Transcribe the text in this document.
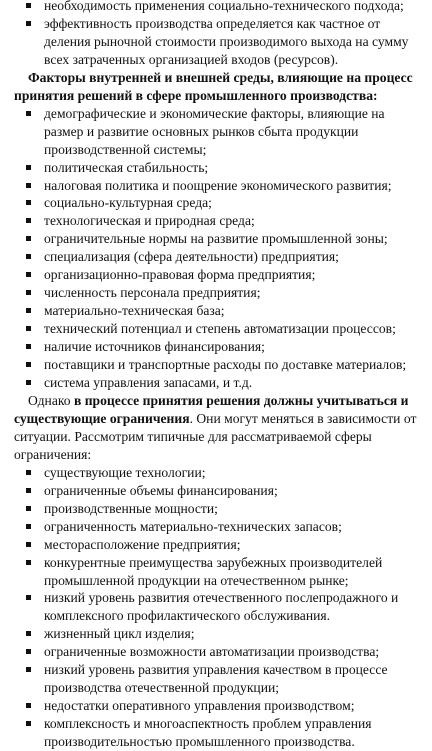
необходимость применения социально-технического подхода;
эффективность производства определяется как частное от деления рыночной стоимости производимого выхода на сумму всех затраченных организацией входов (ресурсов).

Факторы внутренней и внешней среды, влияющие на процесс принятия решений в сфере промышленного производства:

демографические и экономические факторы, влияющие на размер и развитие основных рынков сбыта продукции производственной системы;
политическая стабильность;
налоговая политика и поощрение экономического развития;
социально-культурная среда;
технологическая и природная среда;
ограничительные нормы на развитие промышленной зоны;
специализация (сфера деятельности) предприятия;
организационно-правовая форма предприятия;
численность персонала предприятия;
материально-техническая база;
технический потенциал и степень автоматизации процессов;
наличие источников финансирования;
поставщики и транспортные расходы по доставке материалов;
система управления запасами, и т.д.

Однако в процессе принятия решения должны учитываться и существующие ограничения. Они могут меняться в зависимости от ситуации. Рассмотрим типичные для рассматриваемой сферы ограничения:

существующие технологии;
ограниченные объемы финансирования;
производственные мощности;
ограниченность материально-технических запасов;
месторасположение предприятия;
конкурентные преимущества зарубежных производителей промышленной продукции на отечественном рынке;
низкий уровень развития отечественного послепродажного и комплексного профилактического обслуживания.
жизненный цикл изделия;
ограниченные возможности автоматизации производства;
низкий уровень развития управления качеством в процессе производства отечественной продукции;
недостатки оперативного управления производством;
комплексность и многоаспектность проблем управления производительностью промышленного производства.
